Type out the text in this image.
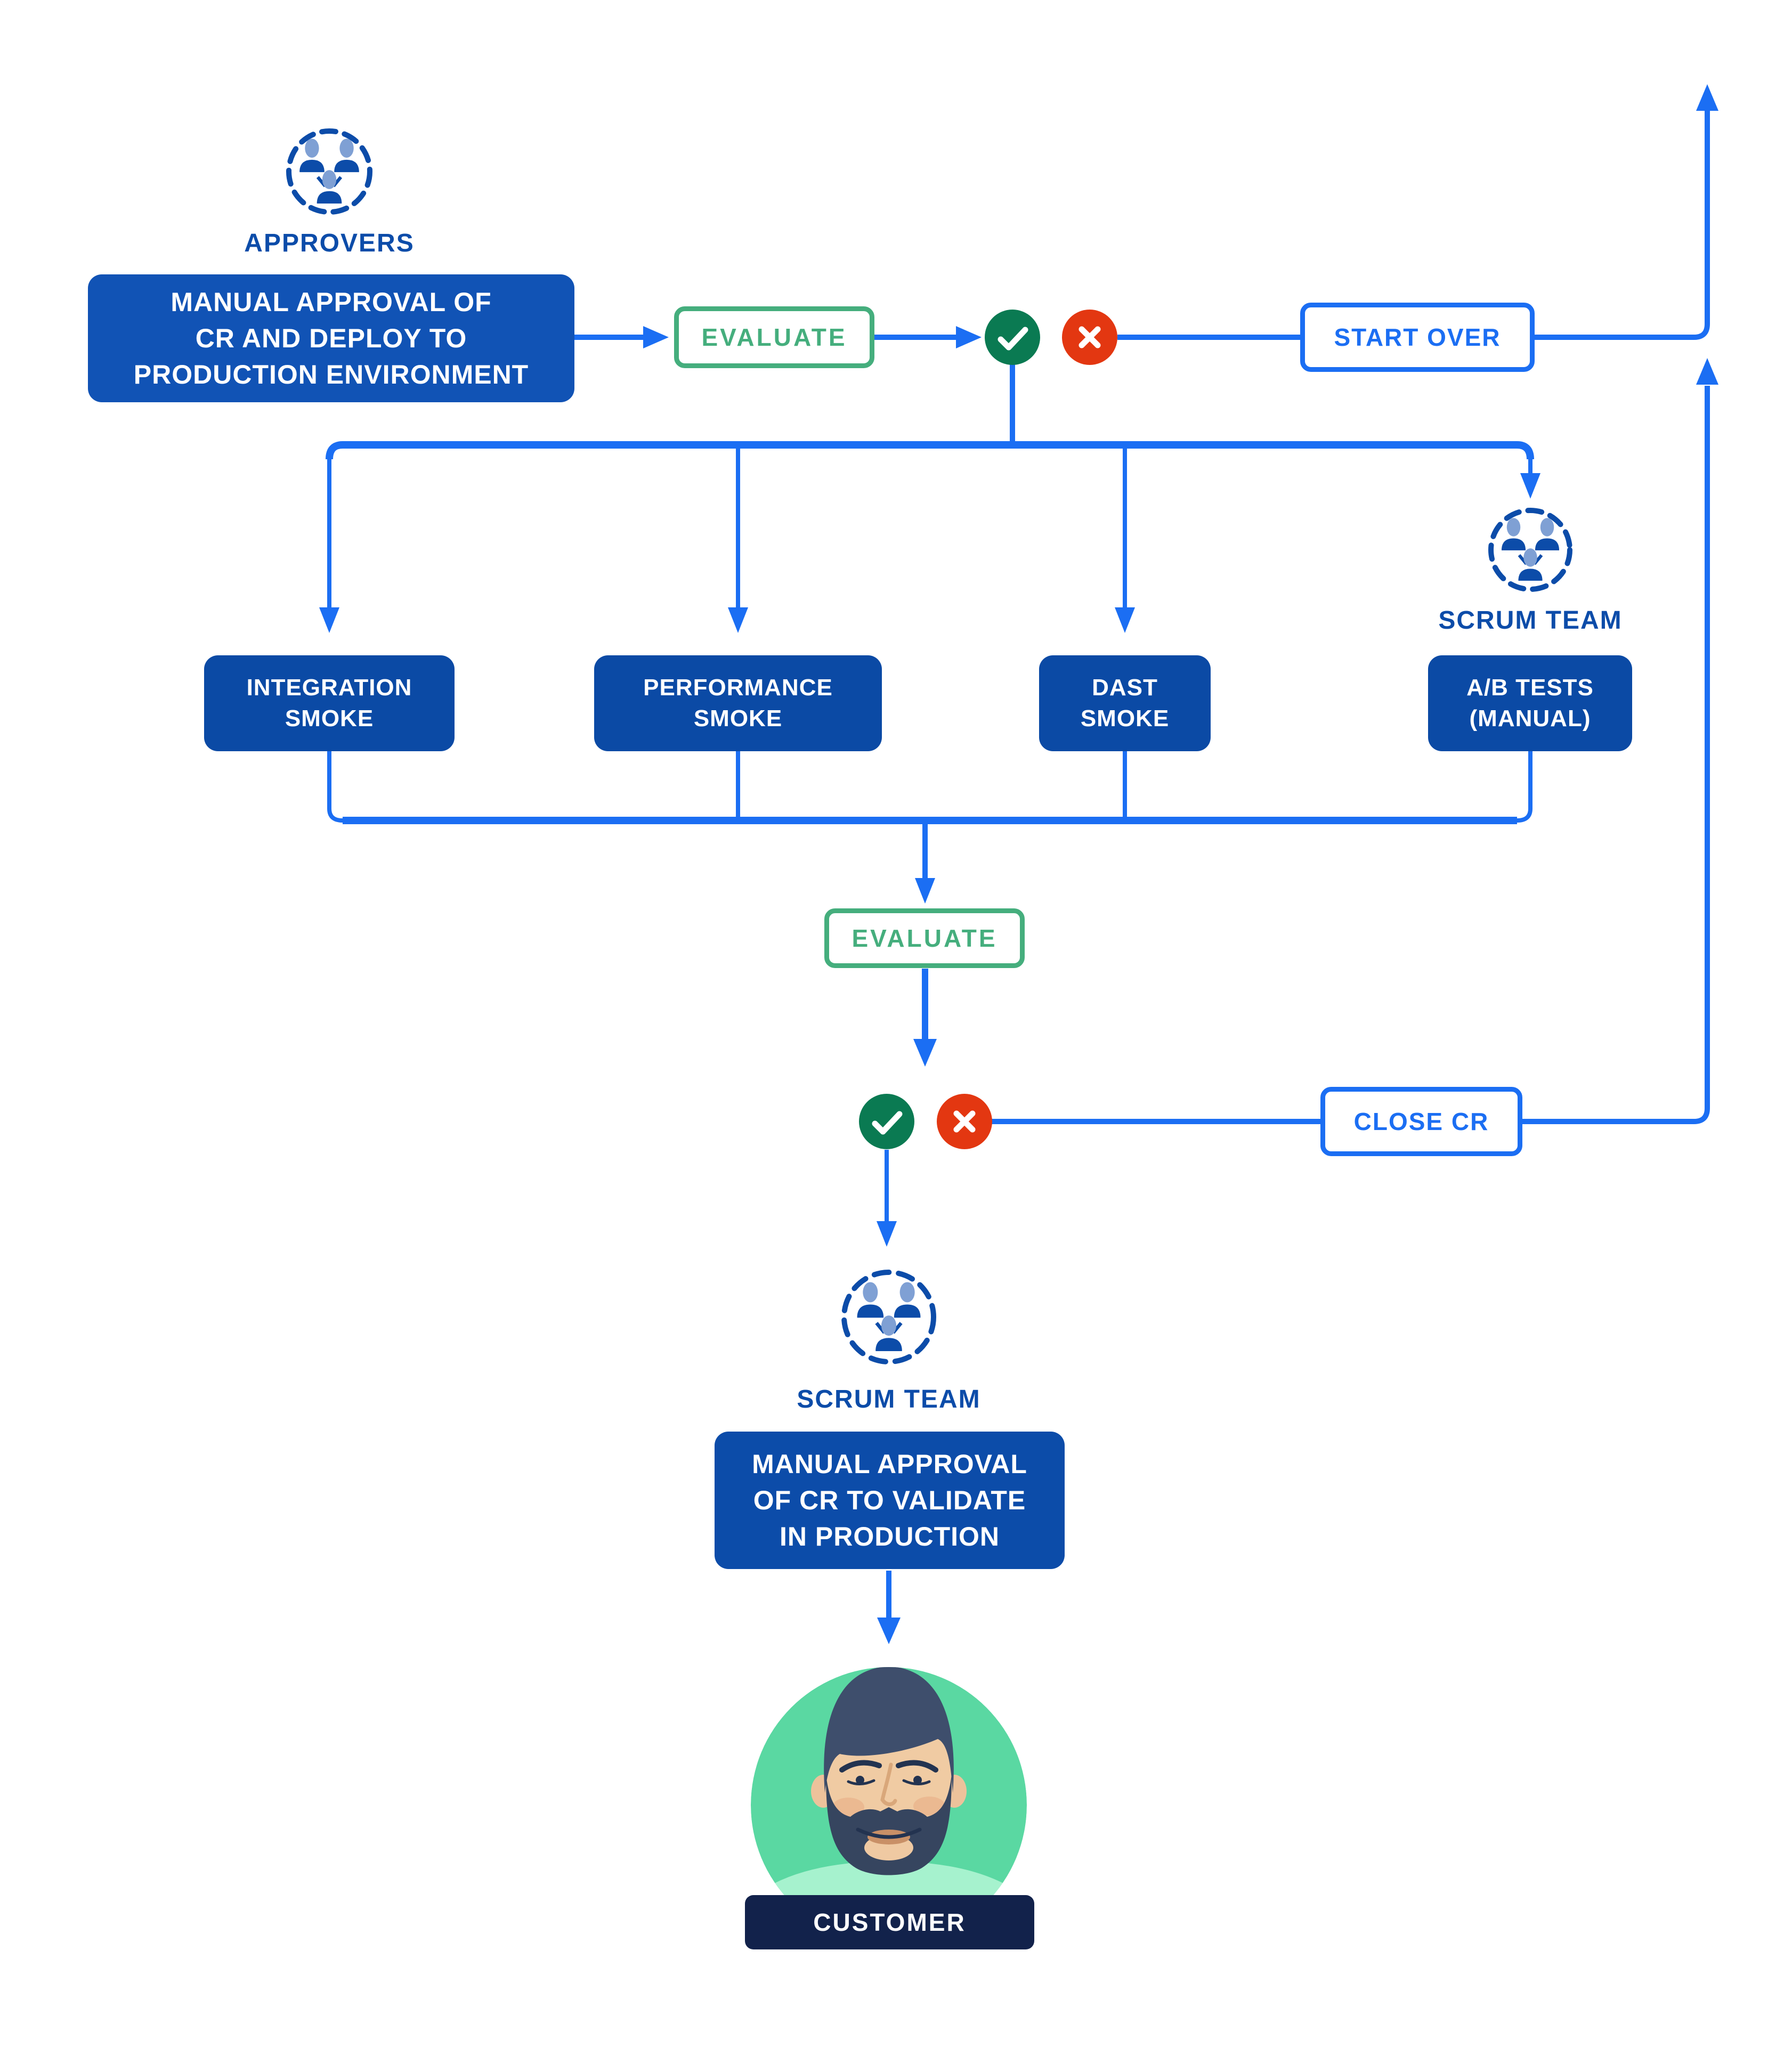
APPROVERS
MANUAL APPROVAL OF
CR AND DEPLOY TO
PRODUCTION ENVIRONMENT
EVALUATE	START OVER
INTEGRATION
SMOKE
PERFORMANCE
SMOKE
DAST
SMOKE
SCRUM TEAM
A/B TESTS
(MANUAL)
EVALUATE
CLOSE CR
SCRUM TEAM
MANUAL APPROVAL
OF CR TO VALIDATE
IN PRODUCTION
CUSTOMER
